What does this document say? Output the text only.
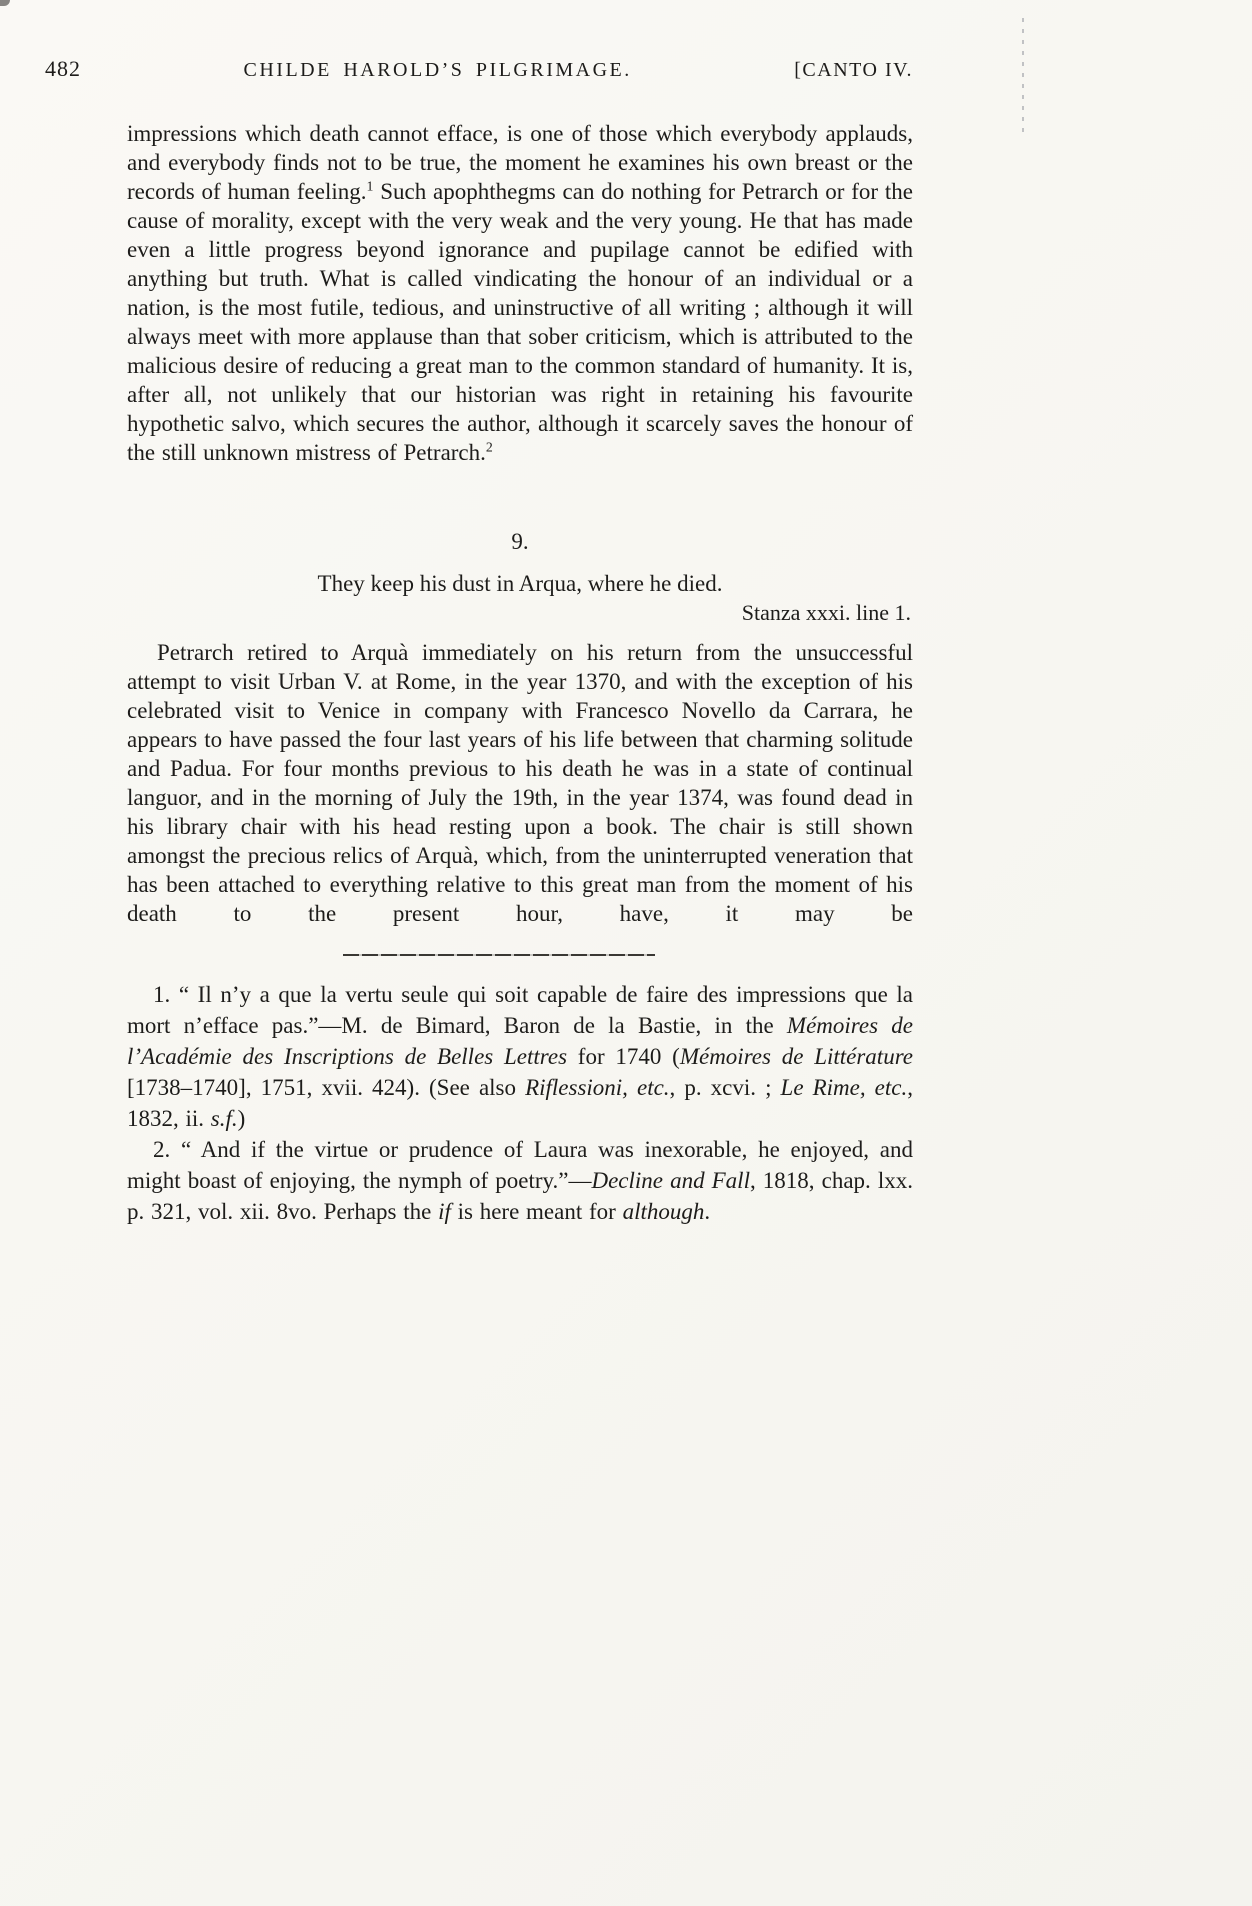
482	CHILDE HAROLD’S PILGRIMAGE.	[CANTO IV.

impressions which death cannot efface, is one of those which everybody applauds, and everybody finds not to be true, the moment he examines his own breast or the records of human feeling.$^1$ Such apophthegms can do nothing for Petrarch or for the cause of morality, except with the very weak and the very young. He that has made even a little progress beyond ignorance and pupilage cannot be edified with anything but truth. What is called vindicating the honour of an individual or a nation, is the most futile, tedious, and uninstructive of all writing ; although it will always meet with more applause than that sober criticism, which is attributed to the malicious desire of reducing a great man to the common standard of humanity. It is, after all, not unlikely that our historian was right in retaining his favourite hypothetic salvo, which secures the author, although it scarcely saves the honour of the still unknown mistress of Petrarch.$^2$

9.
They keep his dust in Arqua, where he died.
Stanza xxxi. line 1.

Petrarch retired to Arquà immediately on his return from the unsuccessful attempt to visit Urban V. at Rome, in the year 1370, and with the exception of his celebrated visit to Venice in company with Francesco Novello da Carrara, he appears to have passed the four last years of his life between that charming solitude and Padua. For four months previous to his death he was in a state of continual languor, and in the morning of July the 19th, in the year 1374, was found dead in his library chair with his head resting upon a book. The chair is still shown amongst the precious relics of Arquà, which, from the uninterrupted veneration that has been attached to everything relative to this great man from the moment of his death to the present hour, have, it may be

1. “ Il n’y a que la vertu seule qui soit capable de faire des impressions que la mort n’efface pas.”—M. de Bimard, Baron de la Bastie, in the Mémoires de l’Académie des Inscriptions de Belles Lettres for 1740 (Mémoires de Littérature [1738–1740], 1751, xvii. 424). (See also Riflessioni, etc., p. xcvi. ; Le Rime, etc., 1832, ii. s.f.)

2. “ And if the virtue or prudence of Laura was inexorable, he enjoyed, and might boast of enjoying, the nymph of poetry.”—Decline and Fall, 1818, chap. lxx. p. 321, vol. xii. 8vo. Perhaps the if is here meant for although.
